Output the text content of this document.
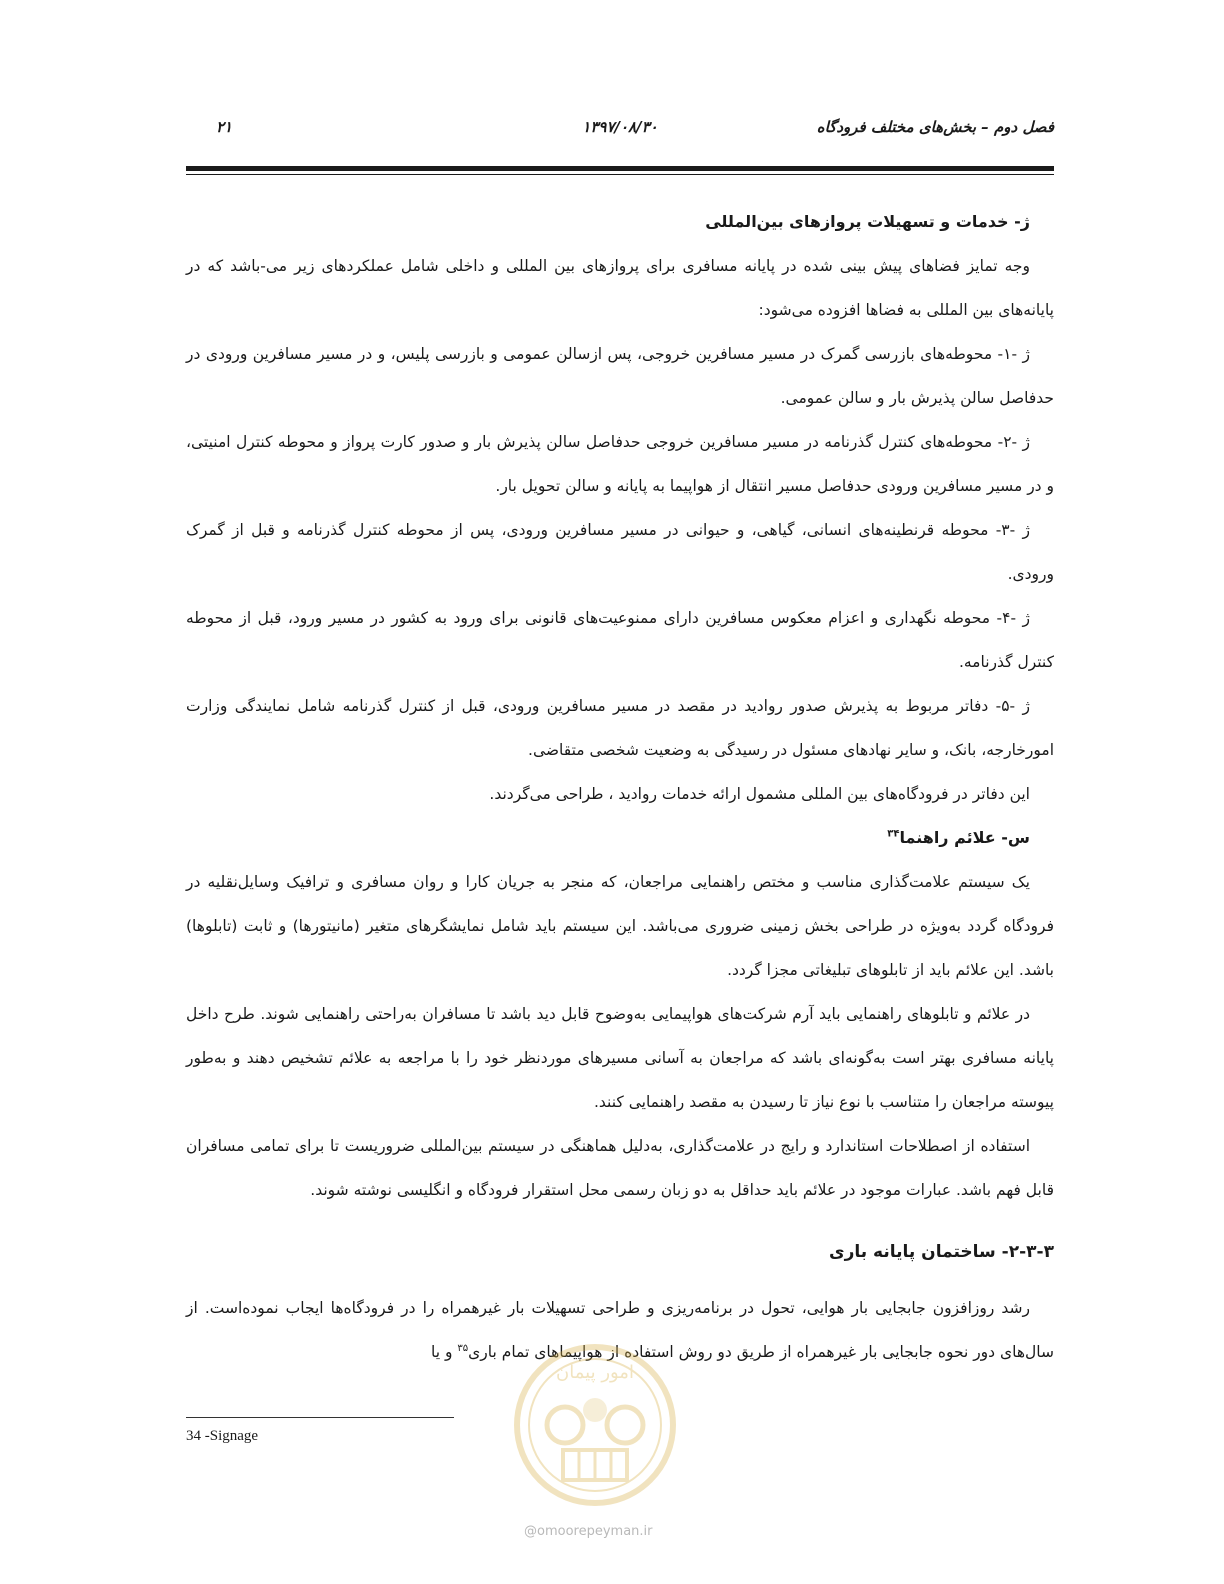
فصل دوم – بخش‌های مختلف فرودگاه
۱۳۹۷/۰۸/۳۰
۲۱

ژ- خدمات و تسهیلات پروازهای بین‌المللی

وجه تمایز فضاهای پیش بینی شده در پایانه مسافری برای پروازهای بین المللی و داخلی شامل عملکردهای زیر می-باشد که در پایانه‌های بین المللی به فضاها افزوده می‌شود:

ژ -۱- محوطه‌های بازرسی گمرک در مسیر مسافرین خروجی، پس ازسالن عمومی و بازرسی پلیس، و در مسیر مسافرین ورودی در حدفاصل سالن پذیرش بار و سالن عمومی.

ژ -۲- محوطه‌های کنترل گذرنامه در مسیر مسافرین خروجی حدفاصل سالن پذیرش بار و صدور کارت پرواز و محوطه کنترل امنیتی، و در مسیر مسافرین ورودی حدفاصل مسیر انتقال از هواپیما به پایانه و سالن تحویل بار.

ژ -۳- محوطه قرنطینه‌های انسانی، گیاهی، و حیوانی در مسیر مسافرین ورودی، پس از محوطه کنترل گذرنامه و قبل از گمرک ورودی.

ژ -۴- محوطه نگهداری و اعزام معکوس مسافرین دارای ممنوعیت‌های قانونی برای ورود به کشور در مسیر ورود، قبل از محوطه کنترل گذرنامه.

ژ -۵- دفاتر مربوط به پذیرش صدور روادید در مقصد در مسیر مسافرین ورودی، قبل از کنترل گذرنامه شامل نمایندگی وزارت امورخارجه، بانک، و سایر نهادهای مسئول در رسیدگی به وضعیت شخصی متقاضی.

این دفاتر در فرودگاه‌های بین المللی مشمول ارائه خدمات روادید ، طراحی می‌گردند.

س- علائم راهنما$^{۳۴}$

یک سیستم علامت‌گذاری مناسب و مختص راهنمایی مراجعان، که منجر به جریان کارا و روان مسافری و ترافیک وسایل‌نقلیه در فرودگاه گردد به‌ویژه در طراحی بخش زمینی ضروری می‌باشد. این سیستم باید شامل نمایشگرهای متغیر (مانیتورها) و ثابت (تابلوها) باشد. این علائم باید از تابلوهای تبلیغاتی مجزا گردد.

در علائم و تابلوهای راهنمایی باید آرم شرکت‌های هواپیمایی به‌وضوح قابل دید باشد تا مسافران به‌راحتی راهنمایی شوند. طرح داخل پایانه مسافری بهتر است به‌گونه‌ای باشد که مراجعان به آسانی مسیرهای موردنظر خود را با مراجعه به علائم تشخیص دهند و به‌طور پیوسته مراجعان را متناسب با نوع نیاز تا رسیدن به مقصد راهنمایی کنند.

استفاده از اصطلاحات استاندارد و رایج در علامت‌گذاری، به‌دلیل هماهنگی در سیستم بین‌المللی ضروریست تا برای تمامی مسافران قابل فهم باشد. عبارات موجود در علائم باید حداقل به دو زبان رسمی محل استقرار فرودگاه و انگلیسی نوشته شوند.

۲-۳-۳- ساختمان پایانه باری

رشد روزافزون جابجایی بار هوایی، تحول در برنامه‌ریزی و طراحی تسهیلات بار غیرهمراه را در فرودگاه‌ها ایجاب نموده‌است. از سال‌های دور نحوه جابجایی بار غیرهمراه از طریق دو روش استفاده از هواپیماهای تمام باری$^{۳۵}$ و یا

34 -Signage
امور پیمان
@omoorepeyman.ir
